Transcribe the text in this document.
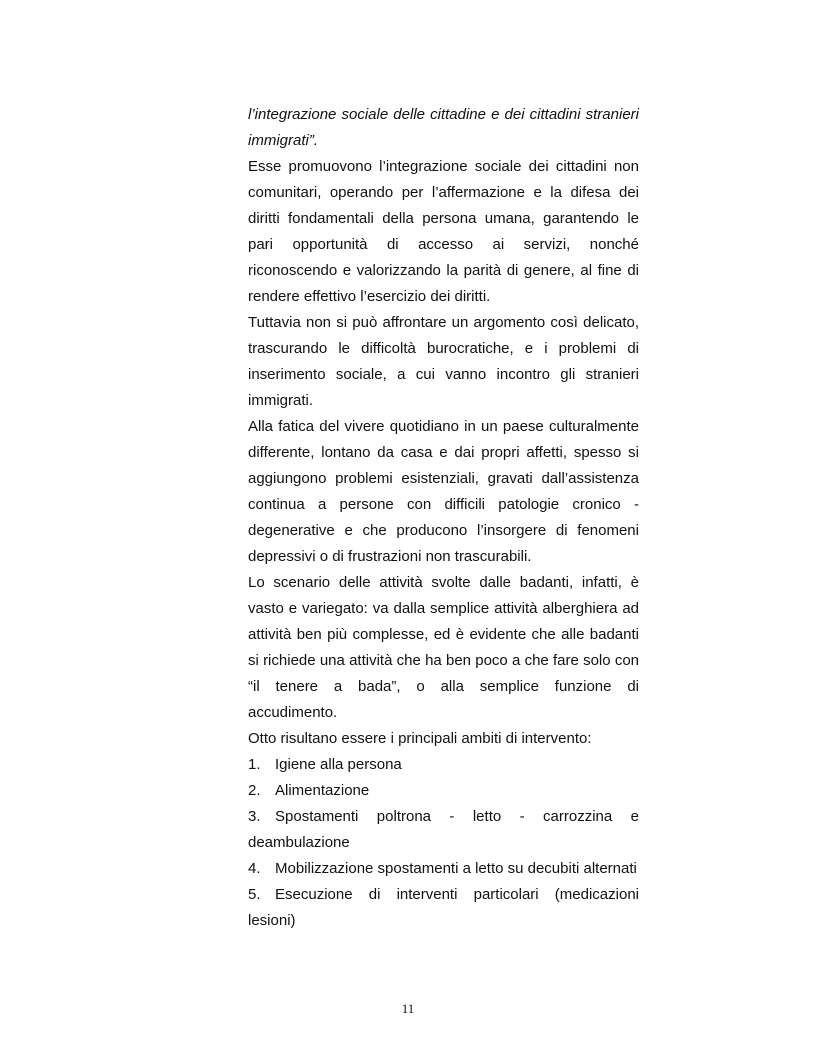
l’integrazione sociale delle cittadine e dei cittadini stranieri immigrati”.

Esse promuovono l’integrazione sociale dei cittadini non comunitari, operando per l’affermazione e la difesa dei diritti fondamentali della persona umana, garantendo le pari opportunità di accesso ai servizi, nonché riconoscendo e valorizzando la parità di genere, al fine di rendere effettivo l’esercizio dei diritti.

Tuttavia non si può affrontare un argomento così delicato, trascurando le difficoltà burocratiche, e i problemi di inserimento sociale, a cui vanno incontro gli stranieri immigrati.

Alla fatica del vivere quotidiano in un paese culturalmente differente, lontano da casa e dai propri affetti, spesso si aggiungono problemi esistenziali, gravati dall’assistenza continua a persone con difficili patologie cronico - degenerative e che producono l’insorgere di fenomeni depressivi o di frustrazioni non trascurabili.

Lo scenario delle attività svolte dalle badanti, infatti, è vasto e variegato: va dalla semplice attività alberghiera ad attività ben più complesse, ed è evidente che alle badanti si richiede una attività che ha ben poco a che fare solo con “il tenere a bada”, o alla semplice funzione di accudimento.

Otto risultano essere i principali ambiti di intervento:

1. Igiene alla persona

2. Alimentazione

3. Spostamenti poltrona - letto - carrozzina e deambulazione

4. Mobilizzazione spostamenti a letto su decubiti alternati

5. Esecuzione di interventi particolari (medicazioni lesioni)

11
